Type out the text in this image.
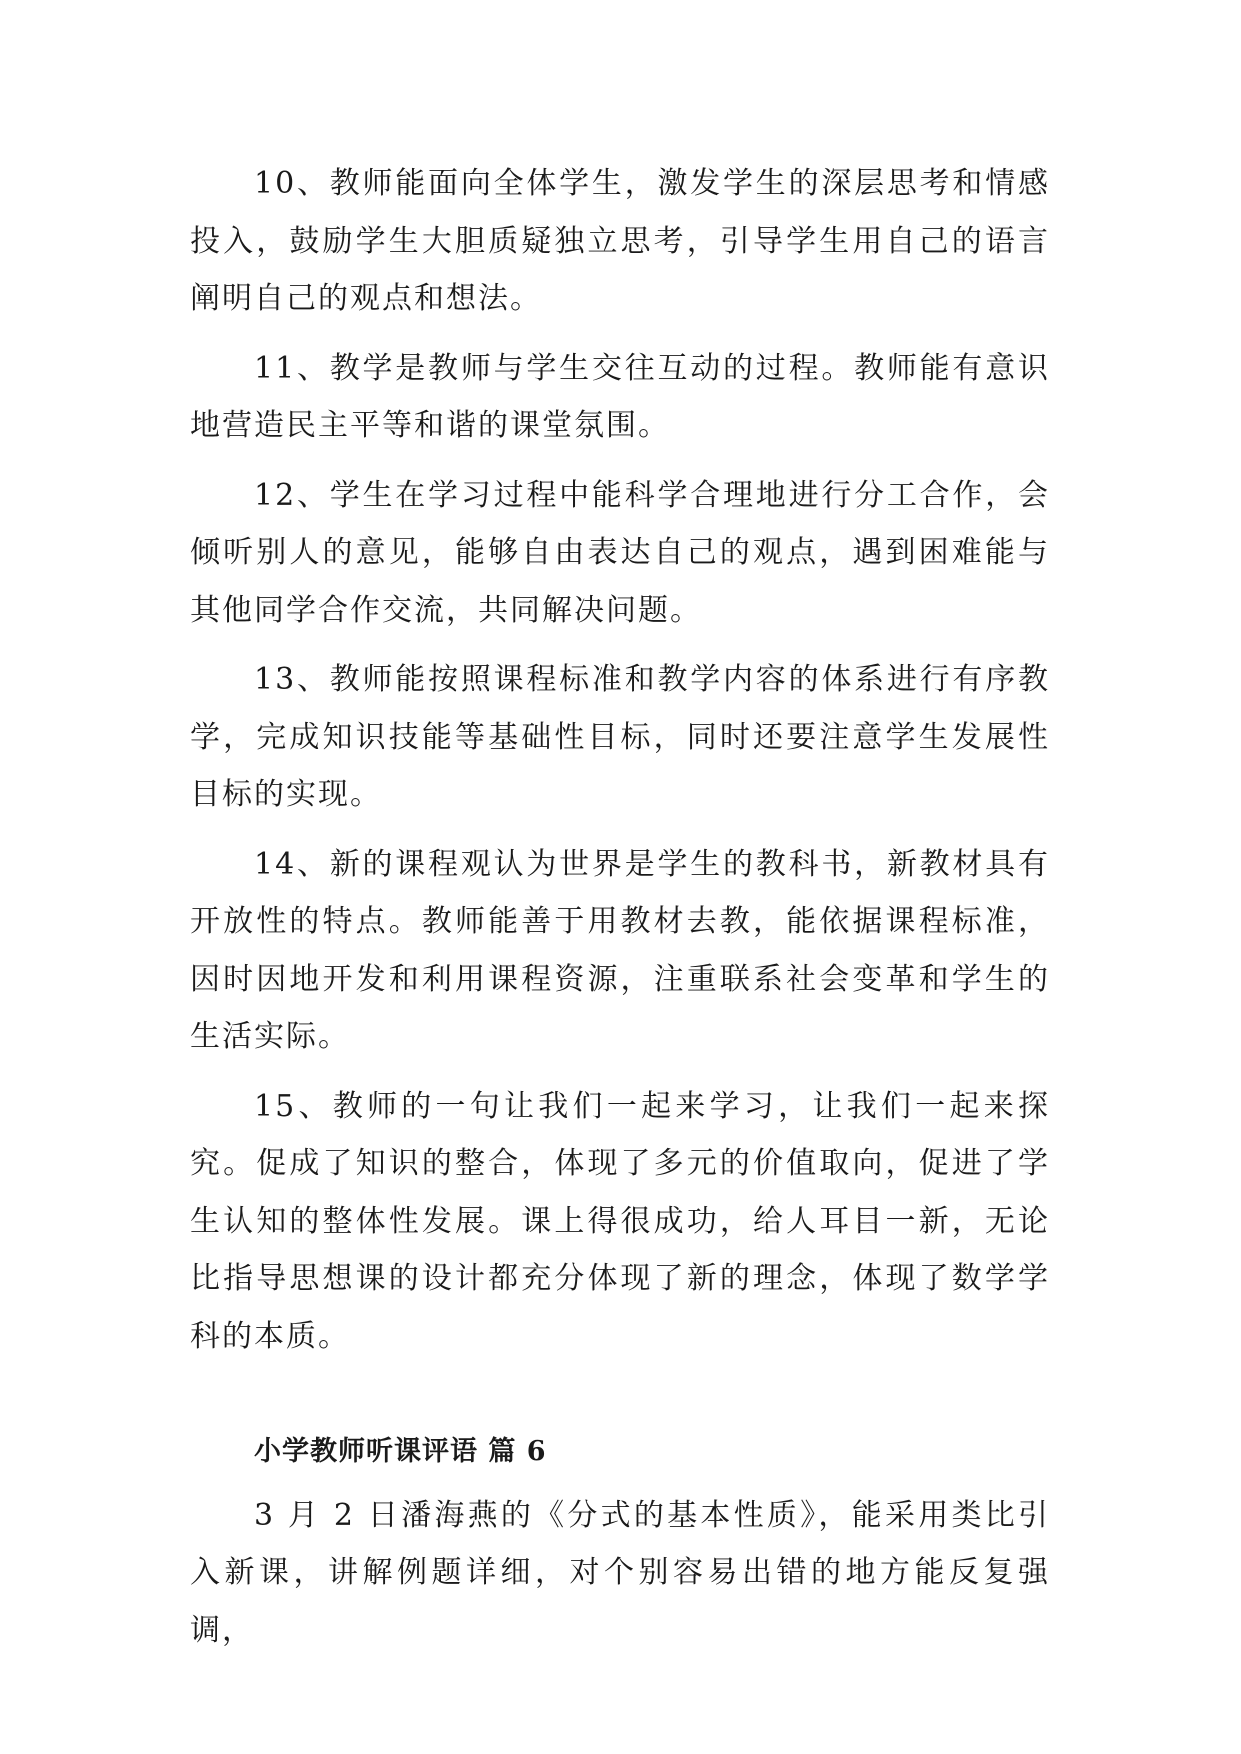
10、教师能面向全体学生，激发学生的深层思考和情感投入，鼓励学生大胆质疑独立思考，引导学生用自己的语言阐明自己的观点和想法。

11、教学是教师与学生交往互动的过程。教师能有意识地营造民主平等和谐的课堂氛围。

12、学生在学习过程中能科学合理地进行分工合作，会倾听别人的意见，能够自由表达自己的观点，遇到困难能与其他同学合作交流，共同解决问题。

13、教师能按照课程标准和教学内容的体系进行有序教学，完成知识技能等基础性目标，同时还要注意学生发展性目标的实现。

14、新的课程观认为世界是学生的教科书，新教材具有开放性的特点。教师能善于用教材去教，能依据课程标准，因时因地开发和利用课程资源，注重联系社会变革和学生的生活实际。

15、教师的一句让我们一起来学习，让我们一起来探究。促成了知识的整合，体现了多元的价值取向，促进了学生认知的整体性发展。课上得很成功，给人耳目一新，无论比指导思想课的设计都充分体现了新的理念，体现了数学学科的本质。

小学教师听课评语 篇 6

3 月 2 日潘海燕的《分式的基本性质》，能采用类比引入新课，讲解例题详细，对个别容易出错的地方能反复强调，
